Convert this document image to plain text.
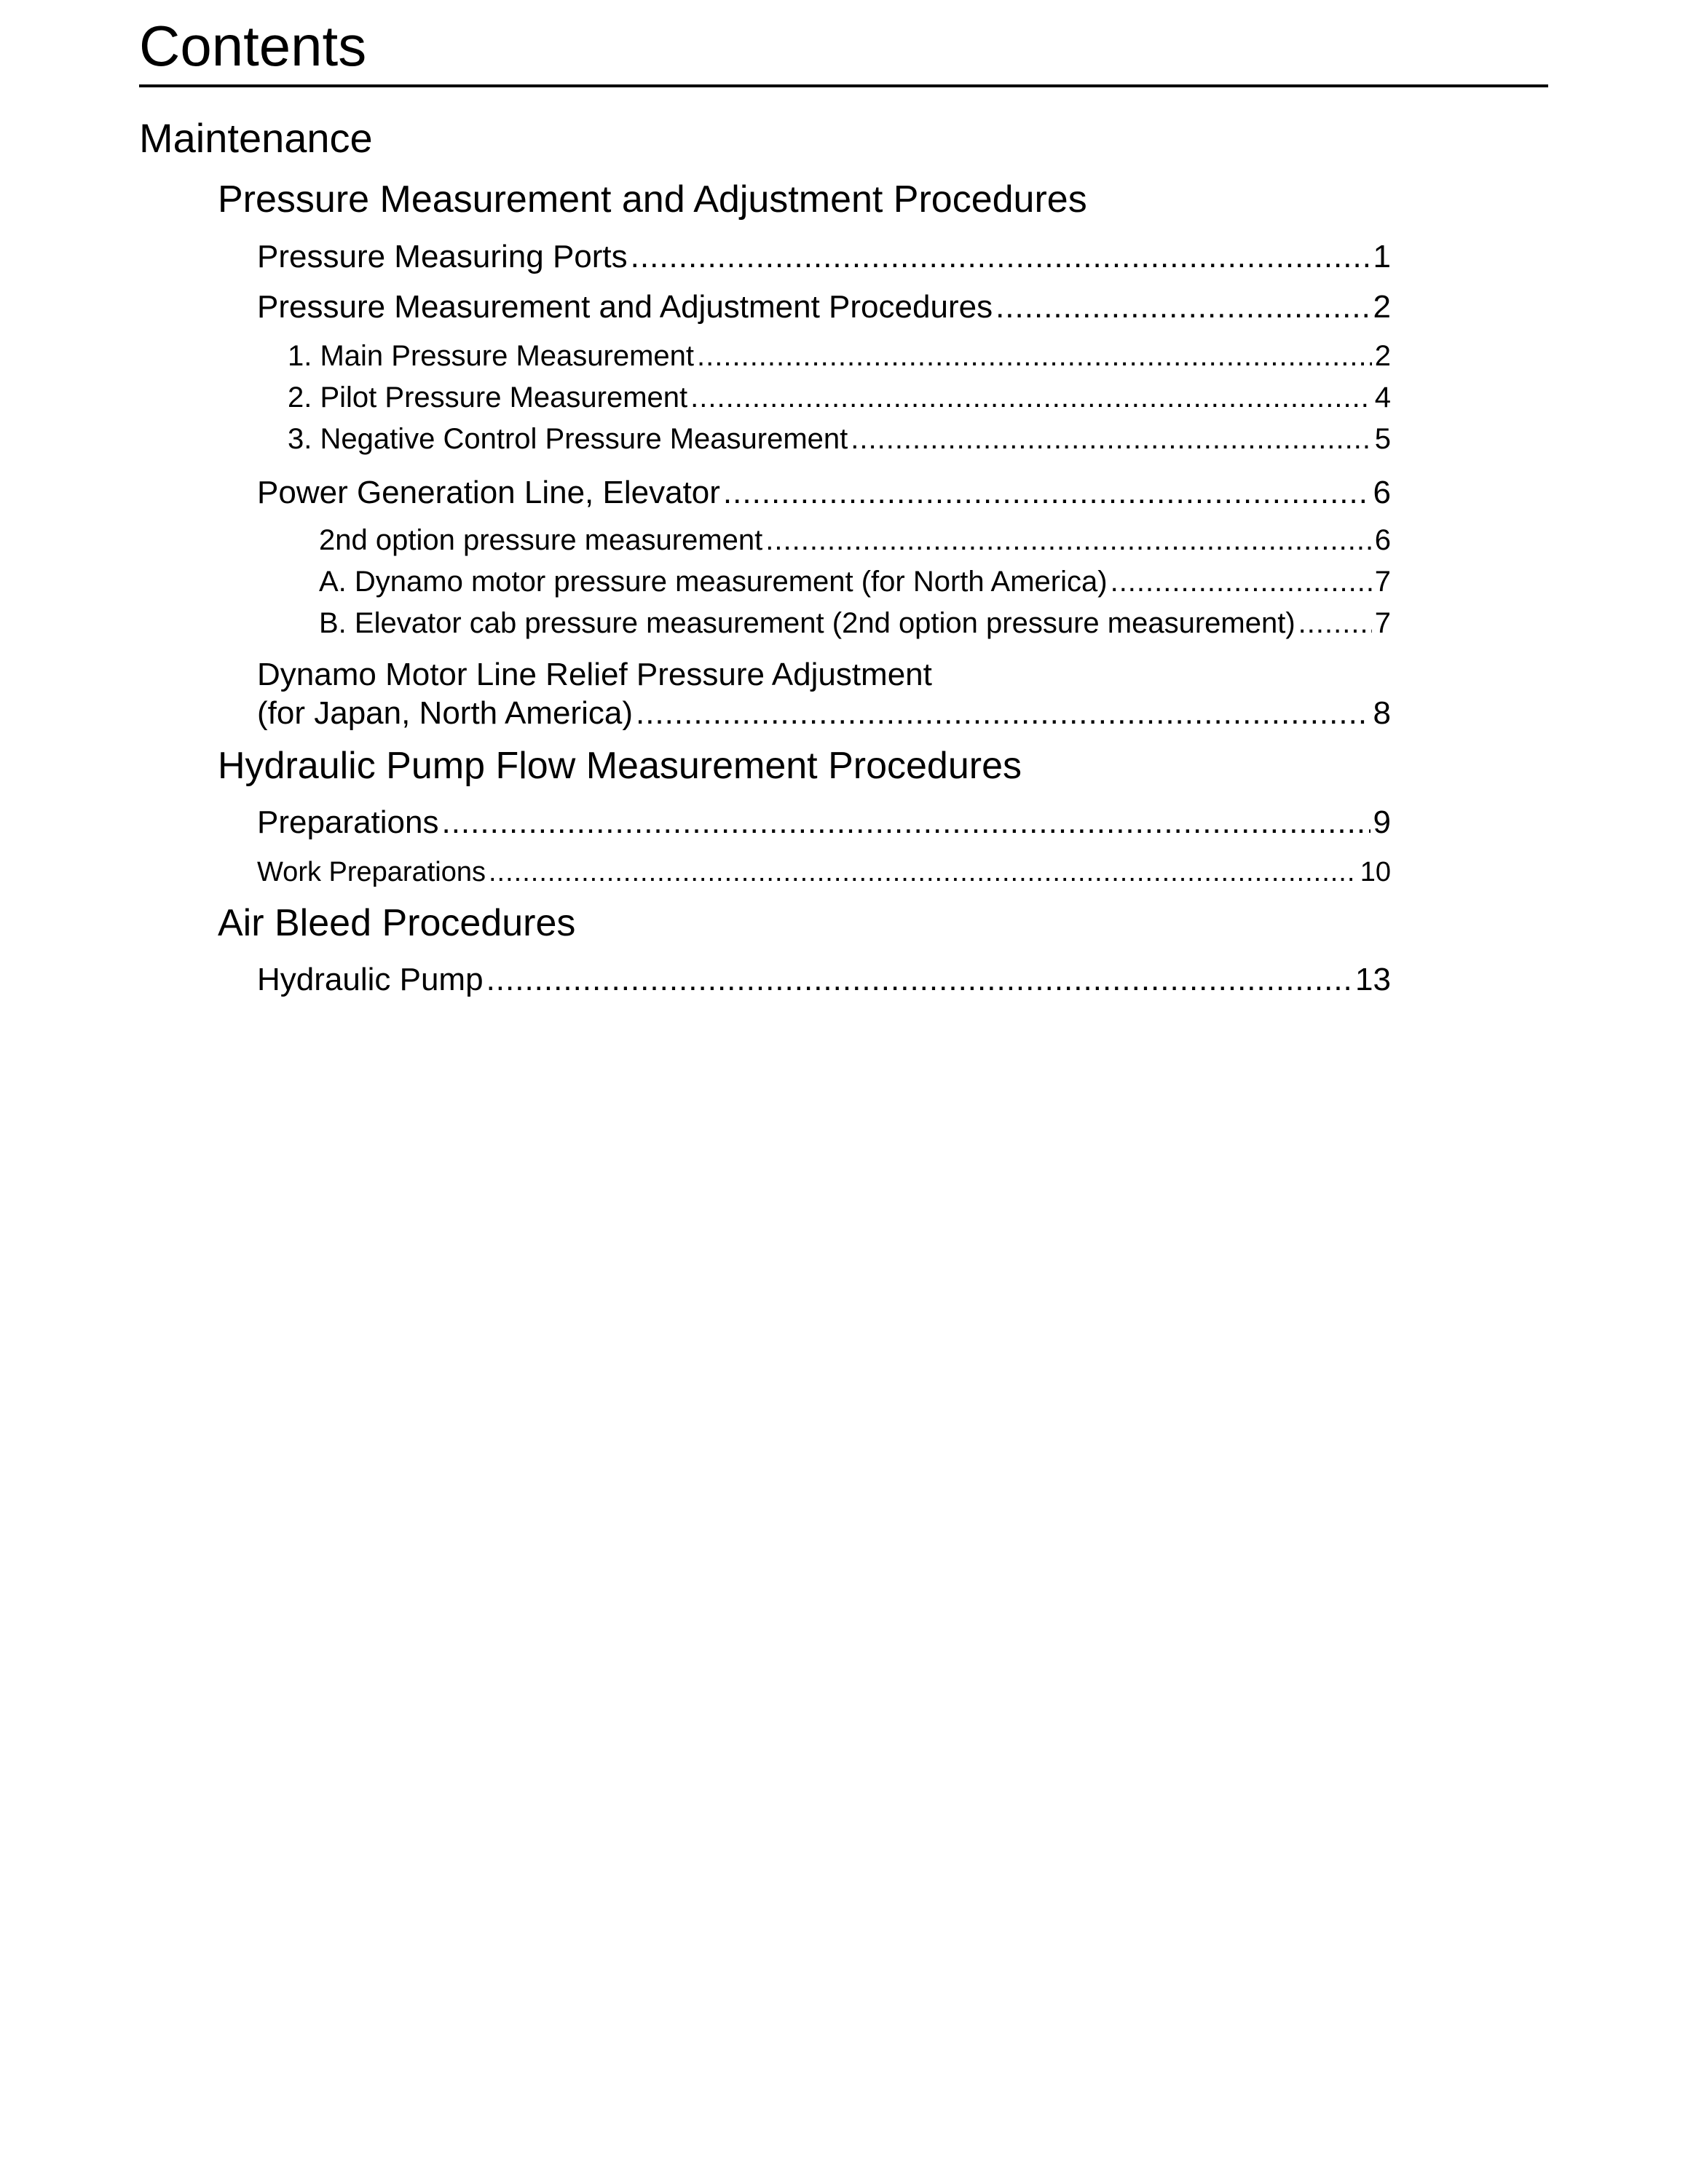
Contents
Maintenance
Pressure Measurement and Adjustment Procedures
Pressure Measuring Ports .....	1
Pressure Measurement and Adjustment Procedures .....	2
1. Main Pressure Measurement .....	2
2. Pilot Pressure Measurement .....	4
3. Negative Control Pressure Measurement .....	5
Power Generation Line, Elevator .....	6
2nd option pressure measurement .....	6
A. Dynamo motor pressure measurement (for North America) .....	7
B. Elevator cab pressure measurement (2nd option pressure measurement) .....	7
Dynamo Motor Line Relief Pressure Adjustment
(for Japan, North America) .....	8
Hydraulic Pump Flow Measurement Procedures
Preparations .....	9
Work Preparations .....	10
Air Bleed Procedures
Hydraulic Pump .....	13
